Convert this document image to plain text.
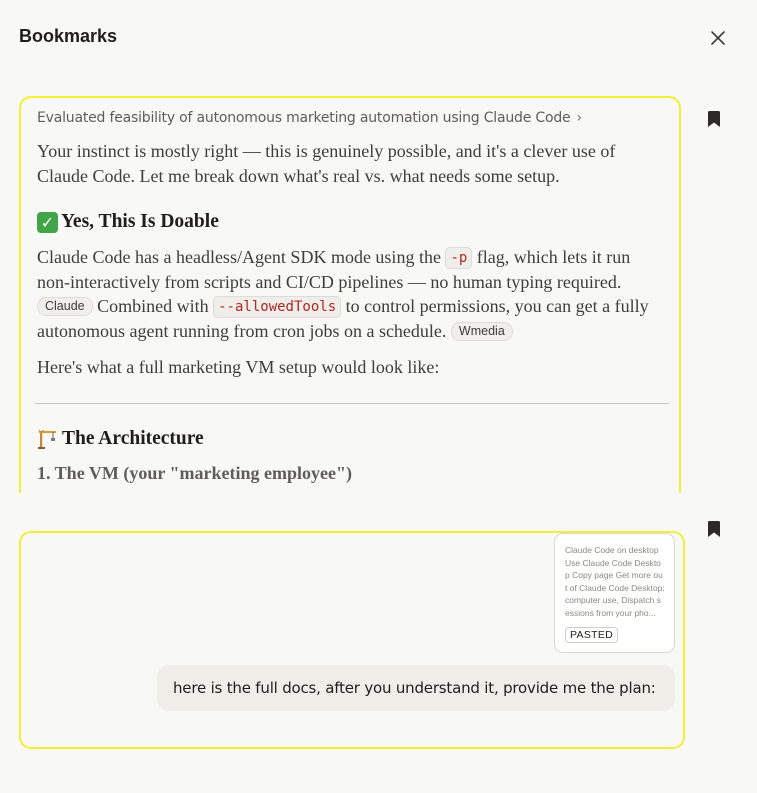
Bookmarks
Evaluated feasibility of autonomous marketing automation using Claude Code ›
Your instinct is mostly right — this is genuinely possible, and it's a clever use of Claude Code. Let me break down what's real vs. what needs some setup.
✓ Yes, This Is Doable
Claude Code has a headless/Agent SDK mode using the -p flag, which lets it run non-interactively from scripts and CI/CD pipelines — no human typing required. Claude Combined with --allowedTools to control permissions, you can get a fully autonomous agent running from cron jobs on a schedule. Wmedia
Here's what a full marketing VM setup would look like:
The Architecture
1. The VM (your "marketing employee")
Claude Code on desktop Use Claude Code Desktop Copy page Get more out of Claude Code Desktop: computer use, Dispatch sessions from your pho...
PASTED
here is the full docs, after you understand it, provide me the plan:
